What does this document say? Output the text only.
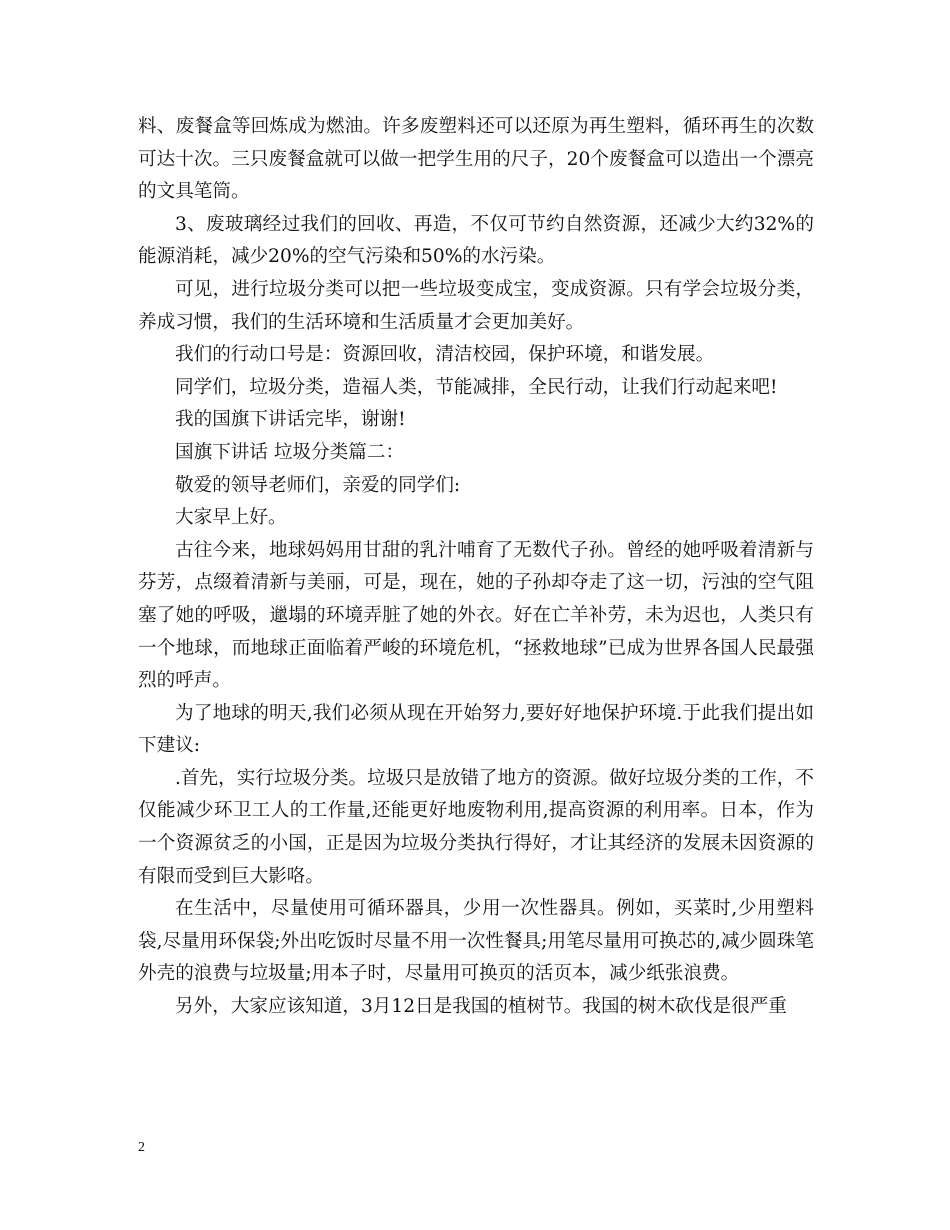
料、废餐盒等回炼成为燃油。许多废塑料还可以还原为再生塑料，循环再生的次数可达十次。三只废餐盒就可以做一把学生用的尺子，20个废餐盒可以造出一个漂亮的文具笔筒。

3、废玻璃经过我们的回收、再造，不仅可节约自然资源，还减少大约32%的能源消耗，减少20%的空气污染和50%的水污染。

可见，进行垃圾分类可以把一些垃圾变成宝，变成资源。只有学会垃圾分类，养成习惯，我们的生活环境和生活质量才会更加美好。

我们的行动口号是：资源回收，清洁校园，保护环境，和谐发展。

同学们，垃圾分类，造福人类，节能减排，全民行动，让我们行动起来吧!

我的国旗下讲话完毕，谢谢!

国旗下讲话 垃圾分类篇二：

敬爱的领导老师们，亲爱的同学们:

大家早上好。

古往今来，地球妈妈用甘甜的乳汁哺育了无数代子孙。曾经的她呼吸着清新与芬芳，点缀着清新与美丽，可是，现在，她的子孙却夺走了这一切，污浊的空气阻塞了她的呼吸，邋塌的环境弄脏了她的外衣。好在亡羊补劳，未为迟也，人类只有一个地球，而地球正面临着严峻的环境危机，“拯救地球”已成为世界各国人民最强烈的呼声。

为了地球的明天,我们必须从现在开始努力,要好好地保护环境.于此我们提出如下建议:

.首先，实行垃圾分类。垃圾只是放错了地方的资源。做好垃圾分类的工作，不仅能减少环卫工人的工作量,还能更好地废物利用,提高资源的利用率。日本，作为一个资源贫乏的小国，正是因为垃圾分类执行得好，才让其经济的发展未因资源的有限而受到巨大影咯。

在生活中，尽量使用可循环器具，少用一次性器具。例如，买菜时,少用塑料袋,尽量用环保袋;外出吃饭时尽量不用一次性餐具;用笔尽量用可换芯的,减少圆珠笔外壳的浪费与垃圾量;用本子时，尽量用可换页的活页本，减少纸张浪费。

另外，大家应该知道，3月12日是我国的植树节。我国的树木砍伐是很严重

2
